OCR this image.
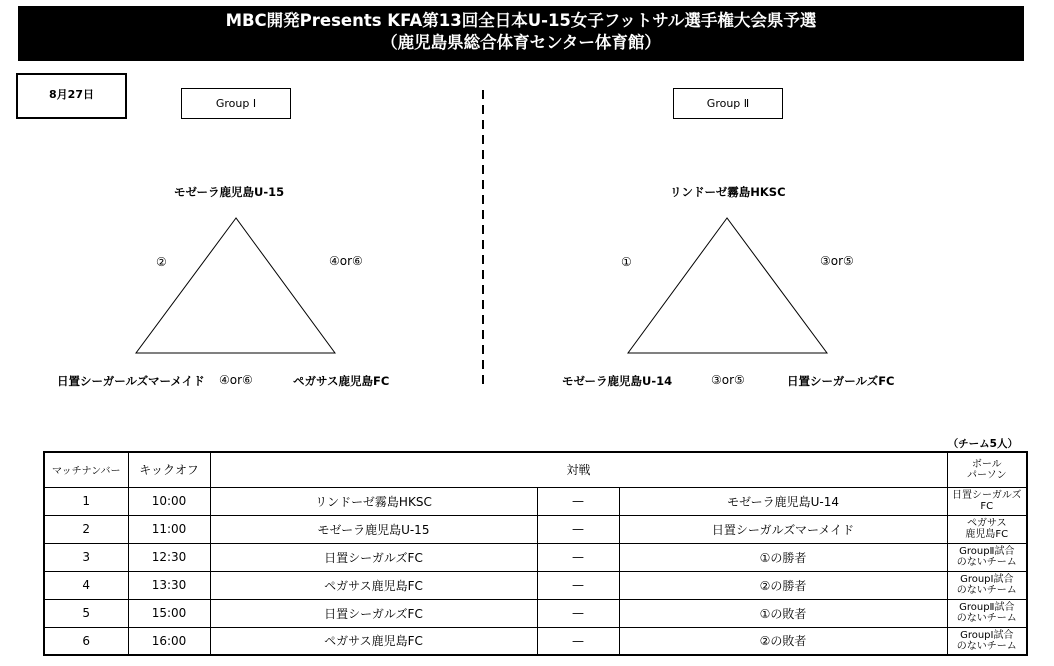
MBC開発Presents KFA第13回全日本U-15女子フットサル選手権大会県予選
（鹿児島県総合体育センター体育館）
8月27日
Group Ⅰ	Group Ⅱ
モゼーラ鹿児島U-15
日置シーガールズマーメイド	ペガサス鹿児島FC
②	④or⑥
④or⑥
リンドーゼ霧島HKSC
モゼーラ鹿児島U-14	日置シーガールズFC
①	③or⑤
③or⑤
（チーム5人）
マッチナンバー	キックオフ	対戦			ボール
パーソン

1	10:00	リンドーゼ霧島HKSC	—	モゼーラ鹿児島U-14	日置シーガルズ
FC

2	11:00	モゼーラ鹿児島U-15	—	日置シーガルズマーメイド	ペガサス
鹿児島FC

3	12:30	日置シーガルズFC	—	①の勝者	GroupⅡ試合
のないチーム

4	13:30	ペガサス鹿児島FC	—	②の勝者	GroupⅠ試合
のないチーム

5	15:00	日置シーガルズFC	—	①の敗者	GroupⅡ試合
のないチーム

6	16:00	ペガサス鹿児島FC	—	②の敗者	GroupⅠ試合
のないチーム
